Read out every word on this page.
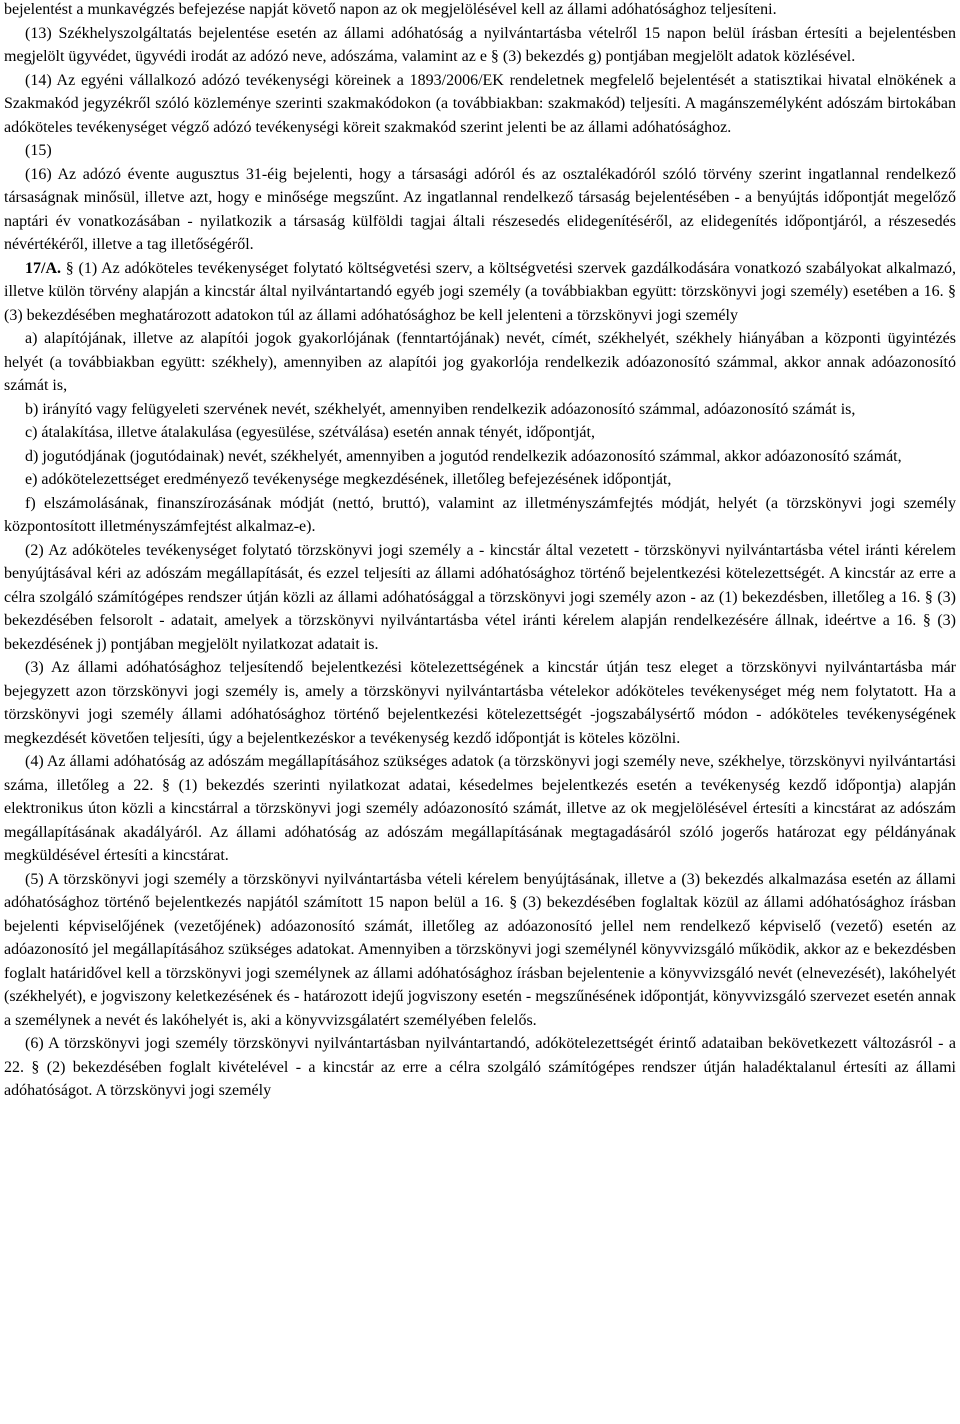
bejelentést a munkavégzés befejezése napját követő napon az ok megjelölésével kell az állami adóhatósághoz teljesíteni.

(13) Székhelyszolgáltatás bejelentése esetén az állami adóhatóság a nyilvántartásba vételről 15 napon belül írásban értesíti a bejelentésben megjelölt ügyvédet, ügyvédi irodát az adózó neve, adószáma, valamint az e § (3) bekezdés g) pontjában megjelölt adatok közlésével.

(14) Az egyéni vállalkozó adózó tevékenységi köreinek a 1893/2006/EK rendeletnek megfelelő bejelentését a statisztikai hivatal elnökének a Szakmakód jegyzékről szóló közleménye szerinti szakmakódokon (a továbbiakban: szakmakód) teljesíti. A magánszemélyként adószám birtokában adóköteles tevékenységet végző adózó tevékenységi köreit szakmakód szerint jelenti be az állami adóhatósághoz.

(15)

(16) Az adózó évente augusztus 31-éig bejelenti, hogy a társasági adóról és az osztalékadóról szóló törvény szerint ingatlannal rendelkező társaságnak minősül, illetve azt, hogy e minősége megszűnt. Az ingatlannal rendelkező társaság bejelentésében - a benyújtás időpontját megelőző naptári év vonatkozásában - nyilatkozik a társaság külföldi tagjai általi részesedés elidegenítéséről, az elidegenítés időpontjáról, a részesedés névértékéről, illetve a tag illetőségéről.

17/A. § (1) Az adóköteles tevékenységet folytató költségvetési szerv, a költségvetési szervek gazdálkodására vonatkozó szabályokat alkalmazó, illetve külön törvény alapján a kincstár által nyilvántartandó egyéb jogi személy (a továbbiakban együtt: törzskönyvi jogi személy) esetében a 16. § (3) bekezdésében meghatározott adatokon túl az állami adóhatósághoz be kell jelenteni a törzskönyvi jogi személy

a) alapítójának, illetve az alapítói jogok gyakorlójának (fenntartójának) nevét, címét, székhelyét, székhely hiányában a központi ügyintézés helyét (a továbbiakban együtt: székhely), amennyiben az alapítói jog gyakorlója rendelkezik adóazonosító számmal, akkor annak adóazonosító számát is,

b) irányító vagy felügyeleti szervének nevét, székhelyét, amennyiben rendelkezik adóazonosító számmal, adóazonosító számát is,

c) átalakítása, illetve átalakulása (egyesülése, szétválása) esetén annak tényét, időpontját,

d) jogutódjának (jogutódainak) nevét, székhelyét, amennyiben a jogutód rendelkezik adóazonosító számmal, akkor adóazonosító számát,

e) adókötelezettséget eredményező tevékenysége megkezdésének, illetőleg befejezésének időpontját,

f) elszámolásának, finanszírozásának módját (nettó, bruttó), valamint az illetményszámfejtés módját, helyét (a törzskönyvi jogi személy központosított illetményszámfejtést alkalmaz-e).

(2) Az adóköteles tevékenységet folytató törzskönyvi jogi személy a - kincstár által vezetett - törzskönyvi nyilvántartásba vétel iránti kérelem benyújtásával kéri az adószám megállapítását, és ezzel teljesíti az állami adóhatósághoz történő bejelentkezési kötelezettségét. A kincstár az erre a célra szolgáló számítógépes rendszer útján közli az állami adóhatósággal a törzskönyvi jogi személy azon - az (1) bekezdésben, illetőleg a 16. § (3) bekezdésében felsorolt - adatait, amelyek a törzskönyvi nyilvántartásba vétel iránti kérelem alapján rendelkezésére állnak, ideértve a 16. § (3) bekezdésének j) pontjában megjelölt nyilatkozat adatait is.

(3) Az állami adóhatósághoz teljesítendő bejelentkezési kötelezettségének a kincstár útján tesz eleget a törzskönyvi nyilvántartásba már bejegyzett azon törzskönyvi jogi személy is, amely a törzskönyvi nyilvántartásba vételekor adóköteles tevékenységet még nem folytatott. Ha a törzskönyvi jogi személy állami adóhatósághoz történő bejelentkezési kötelezettségét -jogszabálysértő módon - adóköteles tevékenységének megkezdését követően teljesíti, úgy a bejelentkezéskor a tevékenység kezdő időpontját is köteles közölni.

(4) Az állami adóhatóság az adószám megállapításához szükséges adatok (a törzskönyvi jogi személy neve, székhelye, törzskönyvi nyilvántartási száma, illetőleg a 22. § (1) bekezdés szerinti nyilatkozat adatai, késedelmes bejelentkezés esetén a tevékenység kezdő időpontja) alapján elektronikus úton közli a kincstárral a törzskönyvi jogi személy adóazonosító számát, illetve az ok megjelölésével értesíti a kincstárat az adószám megállapításának akadályáról. Az állami adóhatóság az adószám megállapításának megtagadásáról szóló jogerős határozat egy példányának megküldésével értesíti a kincstárat.

(5) A törzskönyvi jogi személy a törzskönyvi nyilvántartásba vételi kérelem benyújtásának, illetve a (3) bekezdés alkalmazása esetén az állami adóhatósághoz történő bejelentkezés napjától számított 15 napon belül a 16. § (3) bekezdésében foglaltak közül az állami adóhatósághoz írásban bejelenti képviselőjének (vezetőjének) adóazonosító számát, illetőleg az adóazonosító jellel nem rendelkező képviselő (vezető) esetén az adóazonosító jel megállapításához szükséges adatokat. Amennyiben a törzskönyvi jogi személynél könyvvizsgáló működik, akkor az e bekezdésben foglalt határidővel kell a törzskönyvi jogi személynek az állami adóhatósághoz írásban bejelentenie a könyvvizsgáló nevét (elnevezését), lakóhelyét (székhelyét), e jogviszony keletkezésének és - határozott idejű jogviszony esetén - megszűnésének időpontját, könyvvizsgáló szervezet esetén annak a személynek a nevét és lakóhelyét is, aki a könyvvizsgálatért személyében felelős.

(6) A törzskönyvi jogi személy törzskönyvi nyilvántartásban nyilvántartandó, adókötelezettségét érintő adataiban bekövetkezett változásról - a 22. § (2) bekezdésében foglalt kivételével - a kincstár az erre a célra szolgáló számítógépes rendszer útján haladéktalanul értesíti az állami adóhatóságot. A törzskönyvi jogi személy
